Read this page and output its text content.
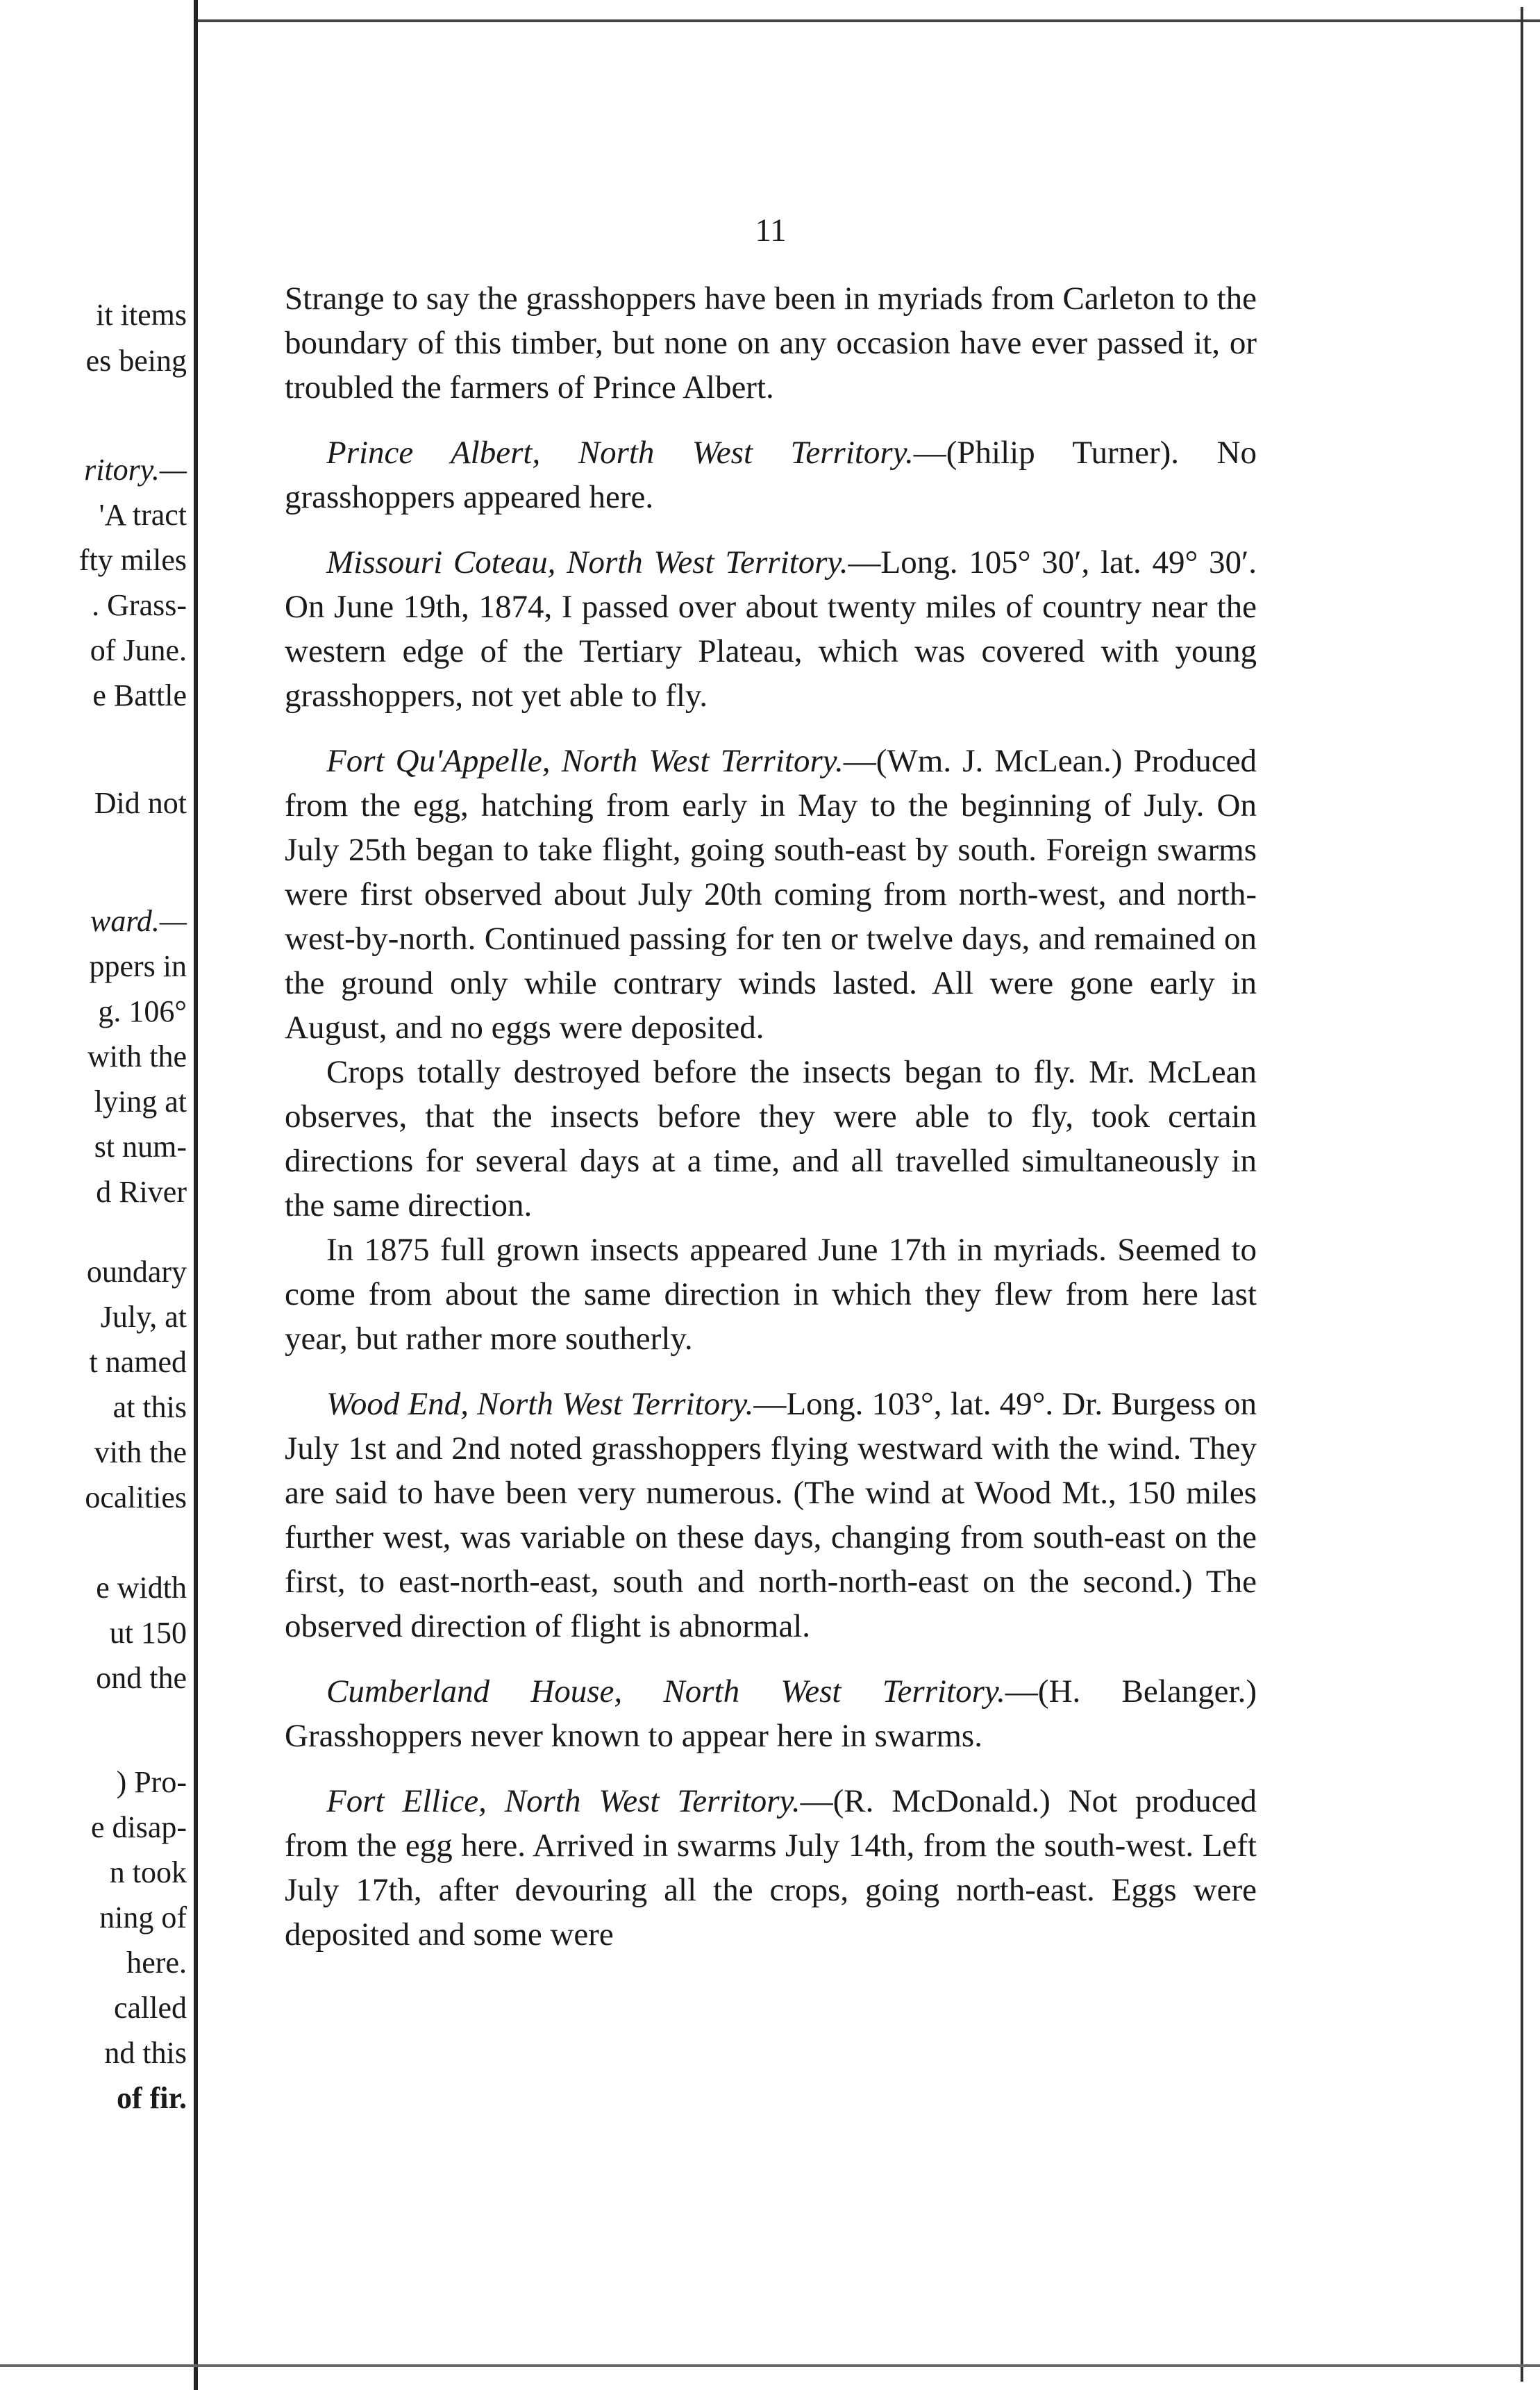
it items
es being
ritory.—
'A tract
fty miles
. Grass-
of June.
e Battle
Did not
ward.—
ppers in
g. 106°
with the
lying at
st num-
d River
oundary
July, at
t named
at this
vith the
ocalities
e width
ut 150
ond the
) Pro-
e disap-
n took
ning of
here.
called
nd this
of fir.
11

Strange to say the grasshoppers have been in myriads from Carleton to the boundary of this timber, but none on any occasion have ever passed it, or troubled the farmers of Prince Albert.

Prince Albert, North West Territory.—(Philip Turner). No grasshoppers appeared here.

Missouri Coteau, North West Territory.—Long. 105° 30′, lat. 49° 30′. On June 19th, 1874, I passed over about twenty miles of country near the western edge of the Tertiary Plateau, which was covered with young grasshoppers, not yet able to fly.

Fort Qu'Appelle, North West Territory.—(Wm. J. McLean.) Produced from the egg, hatching from early in May to the beginning of July. On July 25th began to take flight, going south-east by south. Foreign swarms were first observed about July 20th coming from north-west, and north-west-by-north. Continued passing for ten or twelve days, and remained on the ground only while contrary winds lasted. All were gone early in August, and no eggs were deposited.

Crops totally destroyed before the insects began to fly. Mr. McLean observes, that the insects before they were able to fly, took certain directions for several days at a time, and all travelled simultaneously in the same direction.

In 1875 full grown insects appeared June 17th in myriads. Seemed to come from about the same direction in which they flew from here last year, but rather more southerly.

Wood End, North West Territory.—Long. 103°, lat. 49°. Dr. Burgess on July 1st and 2nd noted grasshoppers flying westward with the wind. They are said to have been very numerous. (The wind at Wood Mt., 150 miles further west, was variable on these days, changing from south-east on the first, to east-north-east, south and north-north-east on the second.) The observed direction of flight is abnormal.

Cumberland House, North West Territory.—(H. Belanger.) Grasshoppers never known to appear here in swarms.

Fort Ellice, North West Territory.—(R. McDonald.) Not produced from the egg here. Arrived in swarms July 14th, from the south-west. Left July 17th, after devouring all the crops, going north-east. Eggs were deposited and some were
